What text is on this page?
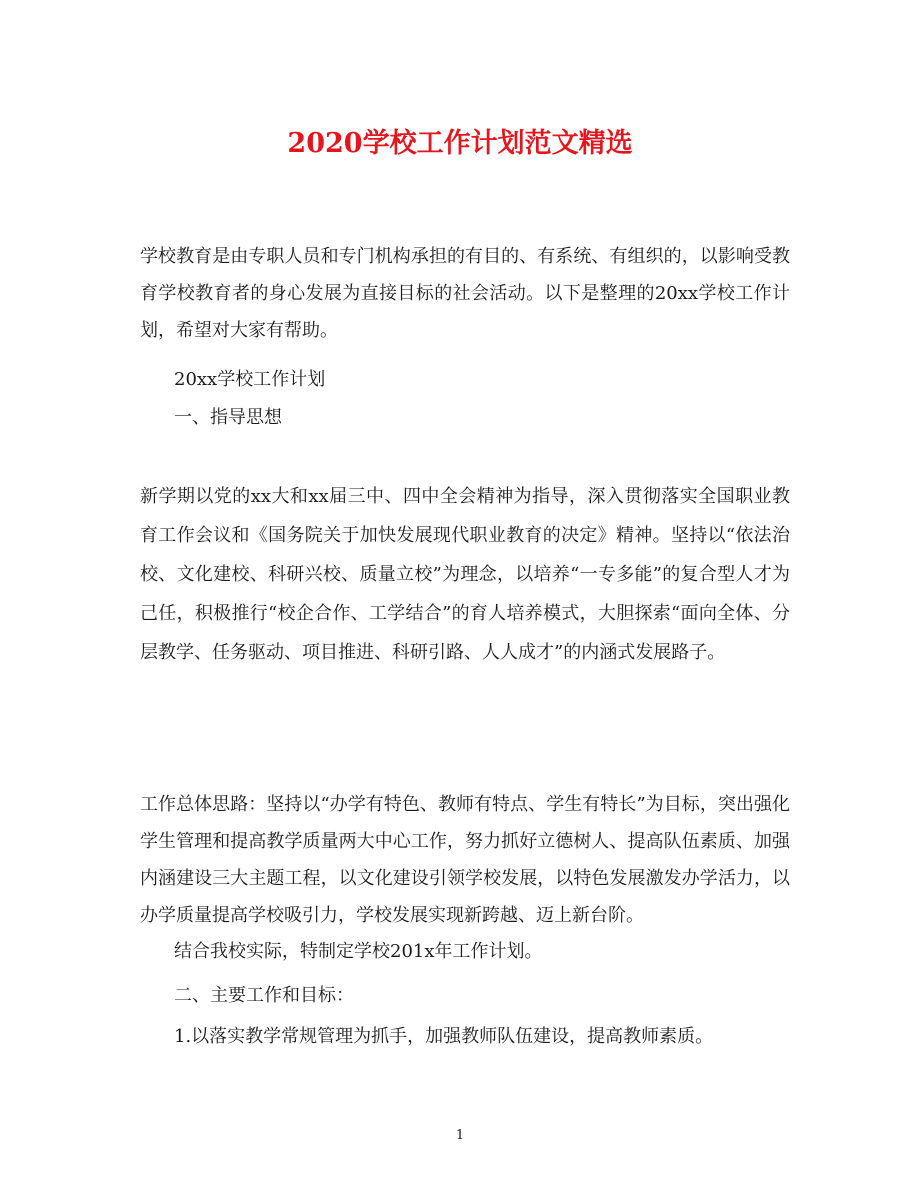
2020学校工作计划范文精选

学校教育是由专职人员和专门机构承担的有目的、有系统、有组织的，以影响受教育学校教育者的身心发展为直接目标的社会活动。以下是整理的20xx学校工作计划，希望对大家有帮助。

20xx学校工作计划

一、指导思想

新学期以党的xx大和xx届三中、四中全会精神为指导，深入贯彻落实全国职业教育工作会议和《国务院关于加快发展现代职业教育的决定》精神。坚持以“依法治校、文化建校、科研兴校、质量立校”为理念，以培养“一专多能”的复合型人才为己任，积极推行“校企合作、工学结合”的育人培养模式，大胆探索“面向全体、分层教学、任务驱动、项目推进、科研引路、人人成才”的内涵式发展路子。

工作总体思路：坚持以“办学有特色、教师有特点、学生有特长”为目标，突出强化学生管理和提高教学质量两大中心工作，努力抓好立德树人、提高队伍素质、加强内涵建设三大主题工程，以文化建设引领学校发展，以特色发展激发办学活力，以办学质量提高学校吸引力，学校发展实现新跨越、迈上新台阶。

结合我校实际，特制定学校201x年工作计划。

二、主要工作和目标：

1.以落实教学常规管理为抓手，加强教师队伍建设，提高教师素质。

1
